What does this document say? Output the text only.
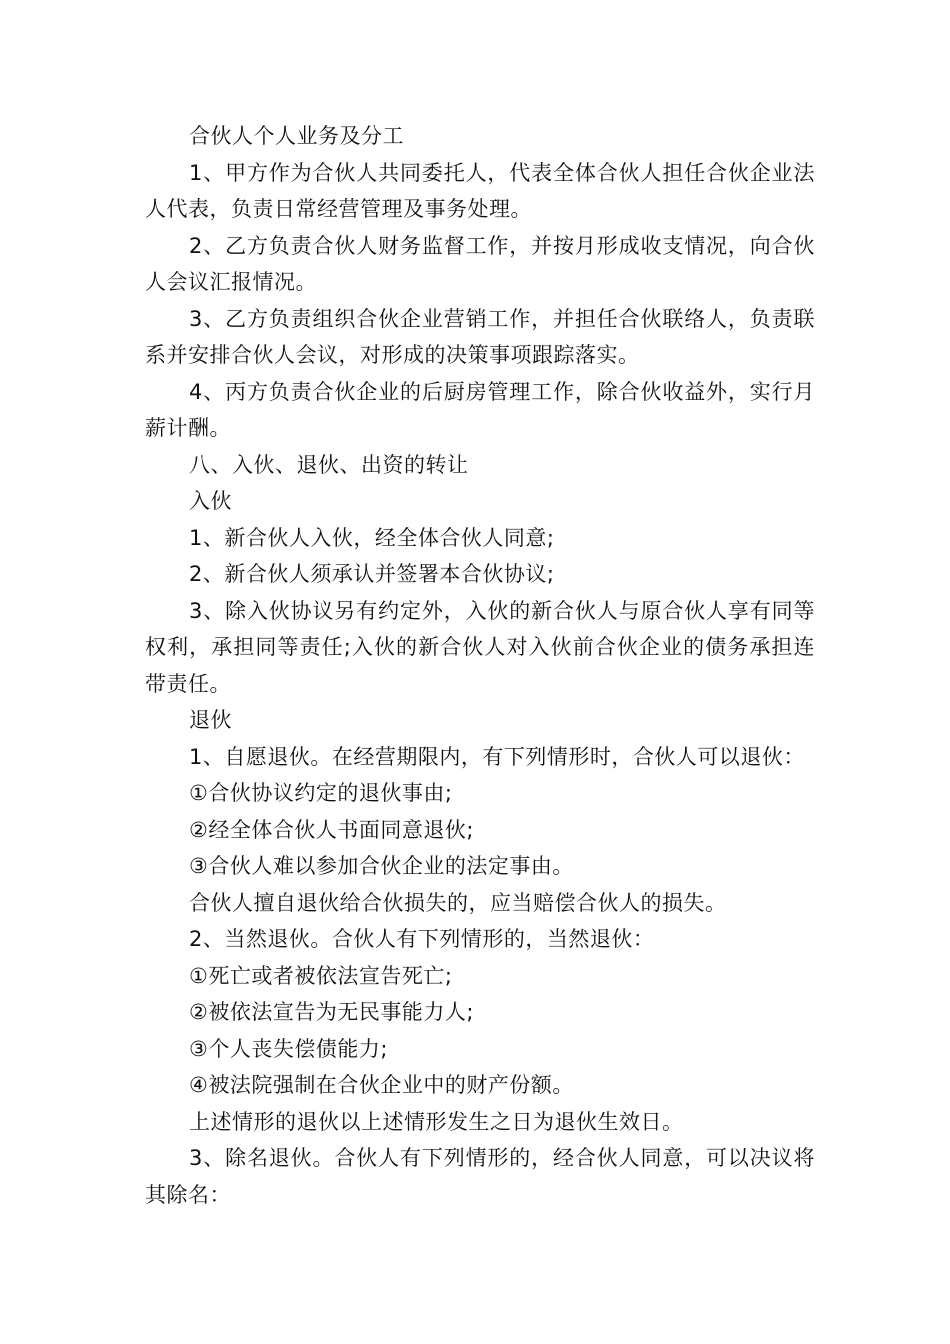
合伙人个人业务及分工

1、甲方作为合伙人共同委托人，代表全体合伙人担任合伙企业法人代表，负责日常经营管理及事务处理。

2、乙方负责合伙人财务监督工作，并按月形成收支情况，向合伙人会议汇报情况。

3、乙方负责组织合伙企业营销工作，并担任合伙联络人，负责联系并安排合伙人会议，对形成的决策事项跟踪落实。

4、丙方负责合伙企业的后厨房管理工作，除合伙收益外，实行月薪计酬。

八、入伙、退伙、出资的转让

入伙

1、新合伙人入伙，经全体合伙人同意;

2、新合伙人须承认并签署本合伙协议;

3、除入伙协议另有约定外，入伙的新合伙人与原合伙人享有同等权利，承担同等责任;入伙的新合伙人对入伙前合伙企业的债务承担连带责任。

退伙

1、自愿退伙。在经营期限内，有下列情形时，合伙人可以退伙：

①合伙协议约定的退伙事由;

②经全体合伙人书面同意退伙;

③合伙人难以参加合伙企业的法定事由。

合伙人擅自退伙给合伙损失的，应当赔偿合伙人的损失。

2、当然退伙。合伙人有下列情形的，当然退伙：

①死亡或者被依法宣告死亡;

②被依法宣告为无民事能力人;

③个人丧失偿债能力;

④被法院强制在合伙企业中的财产份额。

上述情形的退伙以上述情形发生之日为退伙生效日。

3、除名退伙。合伙人有下列情形的，经合伙人同意，可以决议将其除名：
